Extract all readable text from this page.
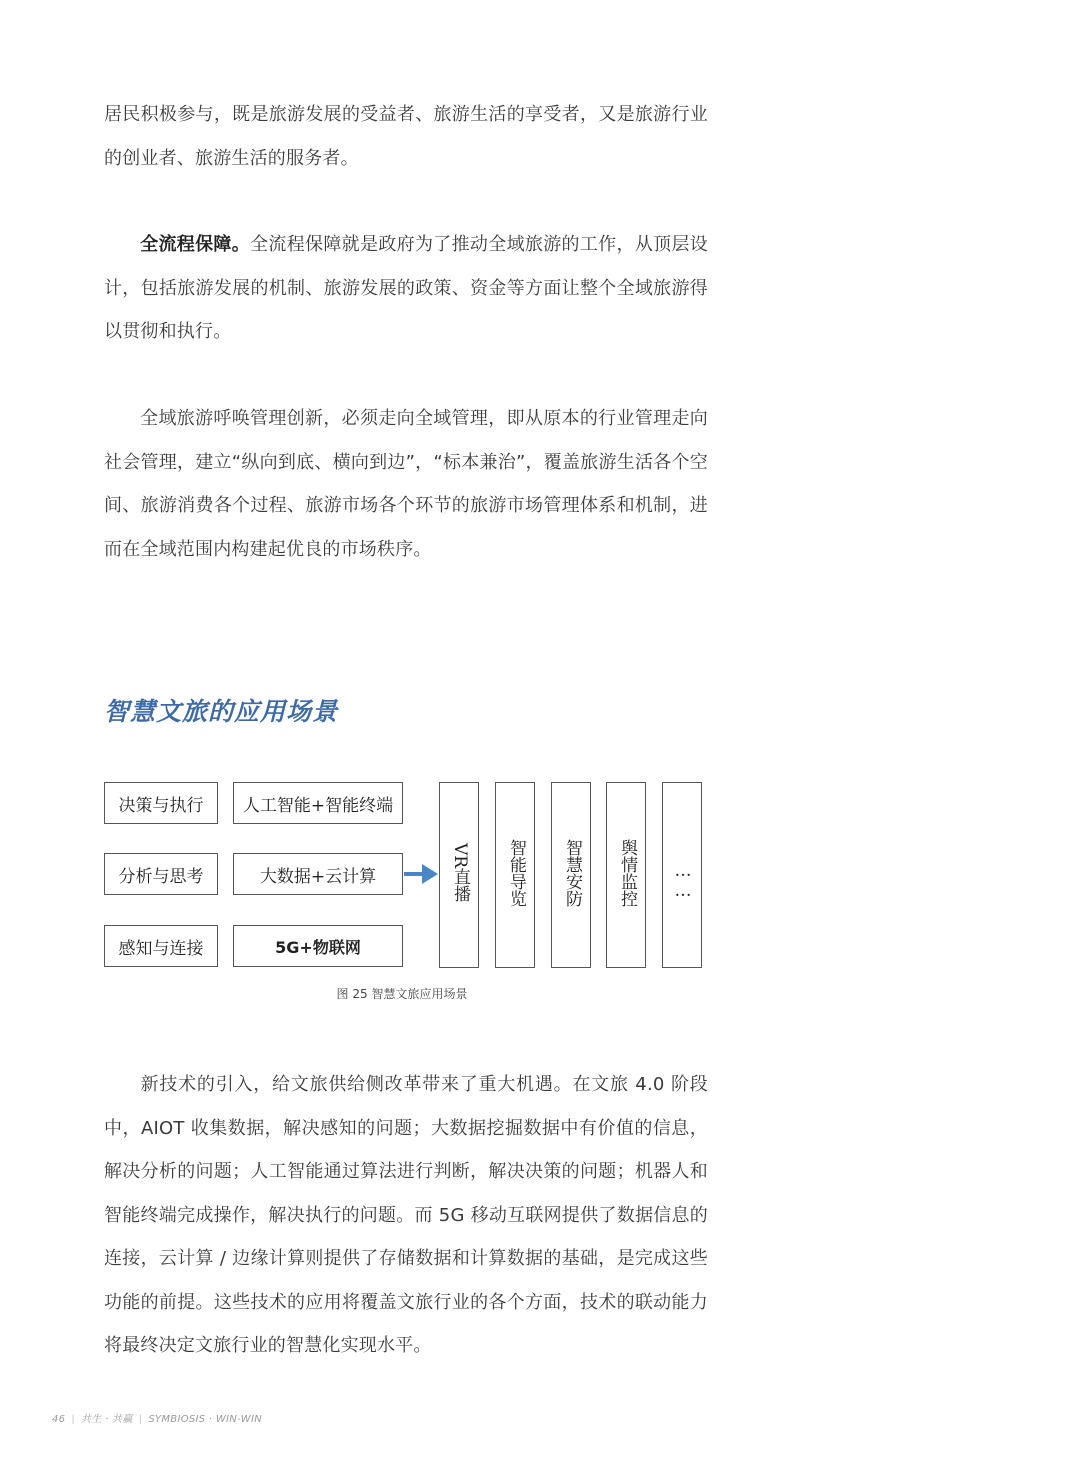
居民积极参与，既是旅游发展的受益者、旅游生活的享受者，又是旅游行业的创业者、旅游生活的服务者。

全流程保障。全流程保障就是政府为了推动全域旅游的工作，从顶层设计，包括旅游发展的机制、旅游发展的政策、资金等方面让整个全域旅游得以贯彻和执行。

全域旅游呼唤管理创新，必须走向全域管理，即从原本的行业管理走向社会管理，建立“纵向到底、横向到边”，“标本兼治”，覆盖旅游生活各个空间、旅游消费各个过程、旅游市场各个环节的旅游市场管理体系和机制，进而在全域范围内构建起优良的市场秩序。

智慧文旅的应用场景
决策与执行
分析与思考
感知与连接
人工智能+智能终端
大数据+云计算
5G+物联网
VR直播	智能导览	智慧安防	舆情监控	……
图 25 智慧文旅应用场景

新技术的引入，给文旅供给侧改革带来了重大机遇。在文旅 4.0 阶段中，AIOT 收集数据，解决感知的问题；大数据挖掘数据中有价值的信息，解决分析的问题；人工智能通过算法进行判断，解决决策的问题；机器人和智能终端完成操作，解决执行的问题。而 5G 移动互联网提供了数据信息的连接，云计算 / 边缘计算则提供了存储数据和计算数据的基础，是完成这些功能的前提。这些技术的应用将覆盖文旅行业的各个方面，技术的联动能力将最终决定文旅行业的智慧化实现水平。

46 | 共生 · 共赢 | SYMBIOSIS · WIN-WIN
